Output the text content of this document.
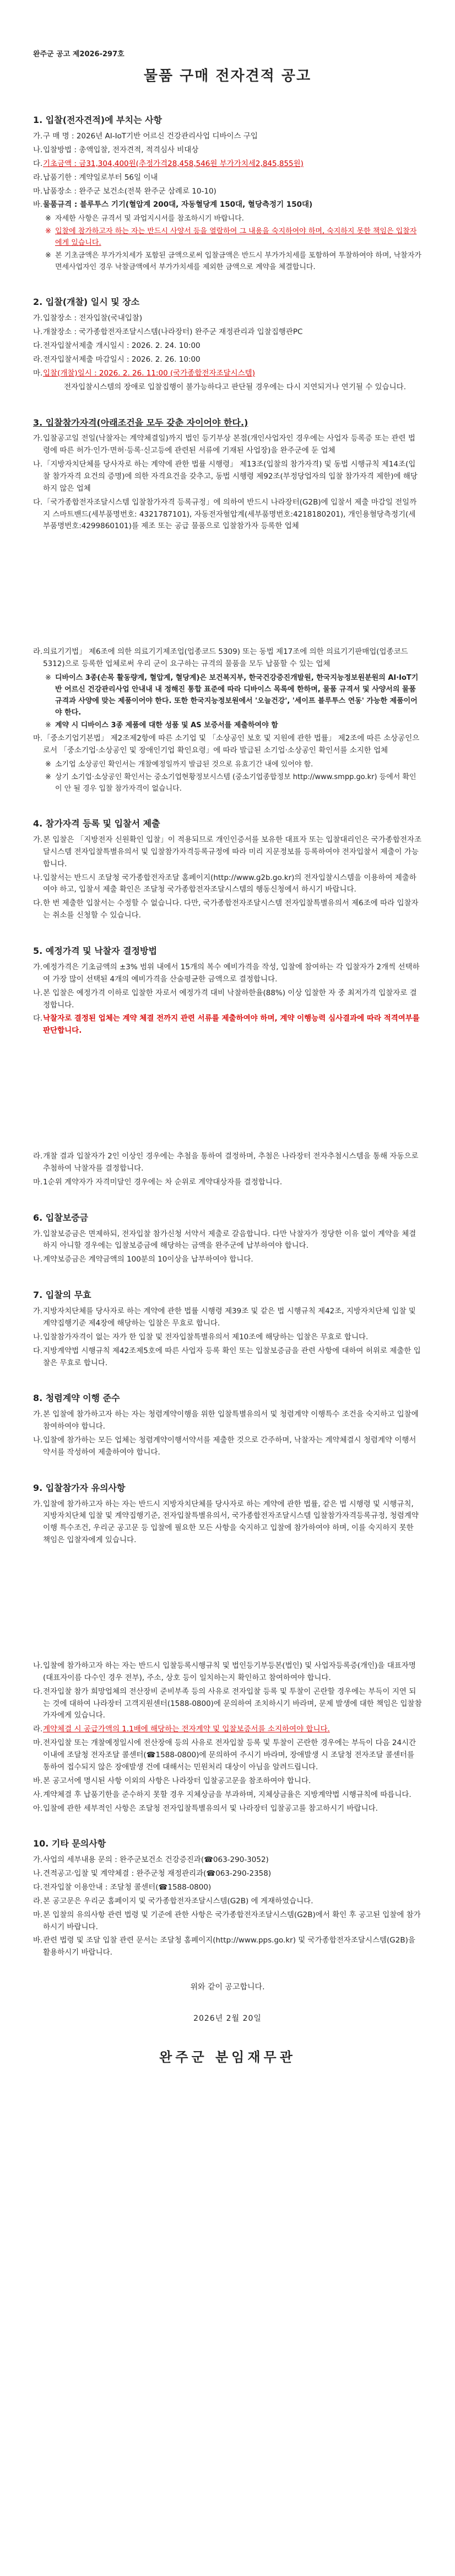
완주군 공고 제2026-297호
물품 구매 전자견적 공고
1. 입찰(전자견적)에 부치는 사항
가. 구 매 명 : 2026년 AI-IoT기반 어르신 건강관리사업 디바이스 구입
나. 입찰방법 : 총액입찰, 전자견적, 적격심사 비대상
다. 기초금액 : 금31,304,400원(추정가격28,458,546원 부가가치세2,845,855원)
라. 납품기한 : 계약일로부터 56일 이내
마. 납품장소 : 완주군 보건소(전북 완주군 삼례로 10-10)
바. 물품규격 : 블루투스 기기(혈압계 200대, 자동혈당계 150대, 혈당측정기 150대)
※ 자세한 사항은 규격서 및 과업지시서를 참조하시기 바랍니다.
※ 입찰에 참가하고자 하는 자는 반드시 사양서 등을 열람하여 그 내용을 숙지하여야 하며, 숙지하지 못한 책임은 입찰자에게 있습니다.
※ 본 기초금액은 부가가치세가 포함된 금액으로써 입찰금액은 반드시 부가가치세를 포함하여 투찰하여야 하며, 낙찰자가 면세사업자인 경우 낙찰금액에서 부가가치세를 제외한 금액으로 계약을 체결합니다.
2. 입찰(개찰) 일시 및 장소
가. 입찰장소 : 전자입찰(국내입찰)
나. 개찰장소 : 국가종합전자조달시스템(나라장터) 완주군 재정관리과 입찰집행관PC
다. 전자입찰서제출 개시일시 : 2026. 2. 24. 10:00
라. 전자입찰서제출 마감일시 : 2026. 2. 26. 10:00
마. 입찰(개찰)일시 : 2026. 2. 26. 11:00 (국가종합전자조달시스템)
전자입찰시스템의 장애로 입찰집행이 불가능하다고 판단될 경우에는 다시 지연되거나 연기될 수 있습니다.
3. 입찰참가자격(아래조건을 모두 갖춘 자이어야 한다.)
가. 입찰공고일 전일(낙찰자는 계약체결일)까지 법인 등기부상 본점(개인사업자인 경우에는 사업자 등록증 또는 관련 법령에 따른 허가·인가·면허·등록·신고등에 관련된 서류에 기재된 사업장)을 완주군에 둔 업체
나. 「지방자치단체를 당사자로 하는 계약에 관한 법률 시행령」 제13조(입찰의 참가자격) 및 동법 시행규칙 제14조(입찰 참가자격 요건의 증명)에 의한 자격요건을 갖추고, 동법 시행령 제92조(부정당업자의 입찰 참가자격 제한)에 해당하지 않은 업체
다. 「국가종합전자조달시스템 입찰참가자격 등록규정」에 의하여 반드시 나라장터(G2B)에 입찰서 제출 마감일 전일까지 스마트밴드(세부품명번호: 4321787101), 자동전자혈압계(세부품명번호:4218180201), 개인용혈당측정기(세부품명번호:4299860101)를 제조 또는 공급 물품으로 입찰참가자 등록한 업체
라. 의료기기법」 제6조에 의한 의료기기제조업(업종코드 5309) 또는 동법 제17조에 의한 의료기기판매업(업종코드 5312)으로 등록한 업체로써 우리 군이 요구하는 규격의 물품을 모두 납품할 수 있는 업체
※ 디바이스 3종(손목 활동량계, 혈압계, 혈당계)은 보건복지부, 한국건강증진개발원, 한국지능정보원분원의 AI·IoT기반 어르신 건강관리사업 안내내 내 정해진 통합 표준에 따라 디바이스 목록에 한하며, 물품 규격서 및 사양서의 물품규격과 사양에 맞는 제품이어야 한다. 또한 한국지능정보원에서 '오늘건강', '세이프 블루투스 연동' 가능한 제품이어야 한다.
※ 계약 시 디바이스 3종 제품에 대한 성품 및 AS 보증서를 제출하여야 함
마. 「중소기업기본법」 제2조제2항에 따른 소기업 및 「소상공인 보호 및 지원에 관한 법률」 제2조에 따른 소상공인으로서 「중소기업·소상공인 및 장애인기업 확인요령」에 따라 발급된 소기업·소상공인 확인서를 소지한 업체
※ 소기업 소상공인 확인서는 개찰예정일까지 발급된 것으로 유효기간 내에 있어야 함.
※ 상기 소기업·소상공인 확인서는 중소기업현황정보시스템 (중소기업종합정보 http://www.smpp.go.kr) 등에서 확인이 안 될 경우 입찰 참가자격이 없습니다.
4. 참가자격 등록 및 입찰서 제출
가. 본 입찰은 「지방전자 신원확인 입찰」이 적용되므로 개인인증서를 보유한 대표자 또는 입찰대리인은 국가종합전자조달시스템 전자입찰특별유의서 및 입찰참가자격등록규정에 따라 미리 지문정보를 등록하여야 전자입찰서 제출이 가능합니다.
나. 입찰서는 반드시 조달청 국가종합전자조달 홈페이지(http://www.g2b.go.kr)의 전자입찰시스템을 이용하여 제출하여야 하고, 입찰서 제출 확인은 조달청 국가종합전자조달시스템의 행동신청에서 하시기 바랍니다.
다. 한 번 제출한 입찰서는 수정할 수 없습니다. 다만, 국가종합전자조달시스템 전자입찰특별유의서 제6조에 따라 입찰자는 취소를 신청할 수 있습니다.
5. 예정가격 및 낙찰자 결정방법
가. 예정가격은 기초금액의 ±3% 범위 내에서 15개의 복수 예비가격을 작성, 입찰에 참여하는 각 입찰자가 2개씩 선택하여 가장 많이 선택된 4개의 예비가격을 산술평균한 금액으로 결정합니다.
나. 본 입찰은 예정가격 이하로 입찰한 자로서 예정가격 대비 낙찰하한율(88%) 이상 입찰한 자 중 최저가격 입찰자로 결정합니다.
다. 낙찰자로 결정된 업체는 계약 체결 전까지 관련 서류를 제출하여야 하며, 계약 이행능력 심사결과에 따라 적격여부를 판단합니다.
라. 개찰 결과 입찰자가 2인 이상인 경우에는 추첨을 통하여 결정하며, 추첨은 나라장터 전자추첨시스템을 통해 자동으로 추첨하여 낙찰자를 결정합니다.
마. 1순위 계약자가 자격미달인 경우에는 차 순위로 계약대상자를 결정합니다.
6. 입찰보증금
가. 입찰보증금은 면제하되, 전자입찰 참가신청 서약서 제출로 갈음합니다. 다만 낙찰자가 정당한 이유 없이 계약을 체결하지 아니할 경우에는 입찰보증금에 해당하는 금액을 완주군에 납부하여야 합니다.
나. 계약보증금은 계약금액의 100분의 10이상을 납부하여야 합니다.
7. 입찰의 무효
가. 지방자치단체를 당사자로 하는 계약에 관한 법률 시행령 제39조 및 같은 법 시행규칙 제42조, 지방자치단체 입찰 및 계약집행기준 제4장에 해당하는 입찰은 무효로 합니다.
나. 입찰참가자격이 없는 자가 한 입찰 및 전자입찰특별유의서 제10조에 해당하는 입찰은 무효로 합니다.
다. 지방계약법 시행규칙 제42조제5호에 따른 사업자 등록 확인 또는 입찰보증금을 관련 사항에 대하여 허위로 제출한 입찰은 무효로 합니다.
8. 청렴계약 이행 준수
가. 본 입찰에 참가하고자 하는 자는 청렴계약이행을 위한 입찰특별유의서 및 청렴계약 이행특수 조건을 숙지하고 입찰에 참여하여야 합니다.
나. 입찰에 참가하는 모든 업체는 청렴계약이행서약서를 제출한 것으로 간주하며, 낙찰자는 계약체결시 청렴계약 이행서약서를 작성하여 제출하여야 합니다.
9. 입찰참가자 유의사항
가. 입찰에 참가하고자 하는 자는 반드시 지방자치단체를 당사자로 하는 계약에 관한 법률, 같은 법 시행령 및 시행규칙, 지방자치단체 입찰 및 계약집행기준, 전자입찰특별유의서, 국가종합전자조달시스템 입찰참가자격등록규정, 청렴계약이행 특수조건, 우리군 공고문 등 입찰에 필요한 모든 사항을 숙지하고 입찰에 참가하여야 하며, 이를 숙지하지 못한 책임은 입찰자에게 있습니다.
나. 입찰에 참가하고자 하는 자는 반드시 입찰등록시행규칙 및 법인등기부등본(법인) 및 사업자등록증(개인)을 대표자명(대표자이름 다수인 경우 전부), 주소, 상호 등이 일치하는지 확인하고 참여하여야 합니다.
다. 전자입찰 참가 희망업체의 전산장비 준비부족 등의 사유로 전자입찰 등록 및 투찰이 곤란할 경우에는 부득이 지연 되는 것에 대하여 나라장터 고객지원센터(1588-0800)에 문의하여 조치하시기 바라며, 문제 발생에 대한 책임은 입찰참가자에게 있습니다.
라. 계약체결 시 공급가액의 1.1배에 해당하는 전자계약 및 입찰보증서를 소지하여야 합니다.
마. 전자입찰 또는 개찰예정일시에 전산장애 등의 사유로 전자입찰 등록 및 투찰이 곤란한 경우에는 부득이 다음 24시간 이내에 조달청 전자조달 콜센터(☎1588-0800)에 문의하여 주시기 바라며, 장애발생 시 조달청 전자조달 콜센터를 통하여 접수되지 않은 장애발생 건에 대해서는 민원처리 대상이 아님을 알려드립니다.
바. 본 공고서에 명시된 사항 이외의 사항은 나라장터 입찰공고문을 참조하여야 합니다.
사. 계약체결 후 납품기한을 준수하지 못할 경우 지체상금을 부과하며, 지체상금율은 지방계약법 시행규칙에 따릅니다.
아. 입찰에 관한 세부적인 사항은 조달청 전자입찰특별유의서 및 나라장터 입찰공고를 참고하시기 바랍니다.
10. 기타 문의사항
가. 사업의 세부내용 문의 : 완주군보건소 건강증진과(☎063-290-3052)
나. 견적공고·입찰 및 계약체결 : 완주군청 재정관리과(☎063-290-2358)
다. 전자입찰 이용안내 : 조달청 콜센터(☎1588-0800)
라. 본 공고문은 우리군 홈페이지 및 국가종합전자조달시스템(G2B) 에 게재하였습니다.
마. 본 입찰의 유의사항 관련 법령 및 기준에 관한 사항은 국가종합전자조달시스템(G2B)에서 확인 후 공고된 입찰에 참가하시기 바랍니다.
바. 관련 법령 및 조달 입찰 관련 문서는 조달청 홈페이지(http://www.pps.go.kr) 및 국가종합전자조달시스템(G2B)을 활용하시기 바랍니다.
위와 같이 공고합니다.
2026년 2월 20일
완주군 분임재무관
